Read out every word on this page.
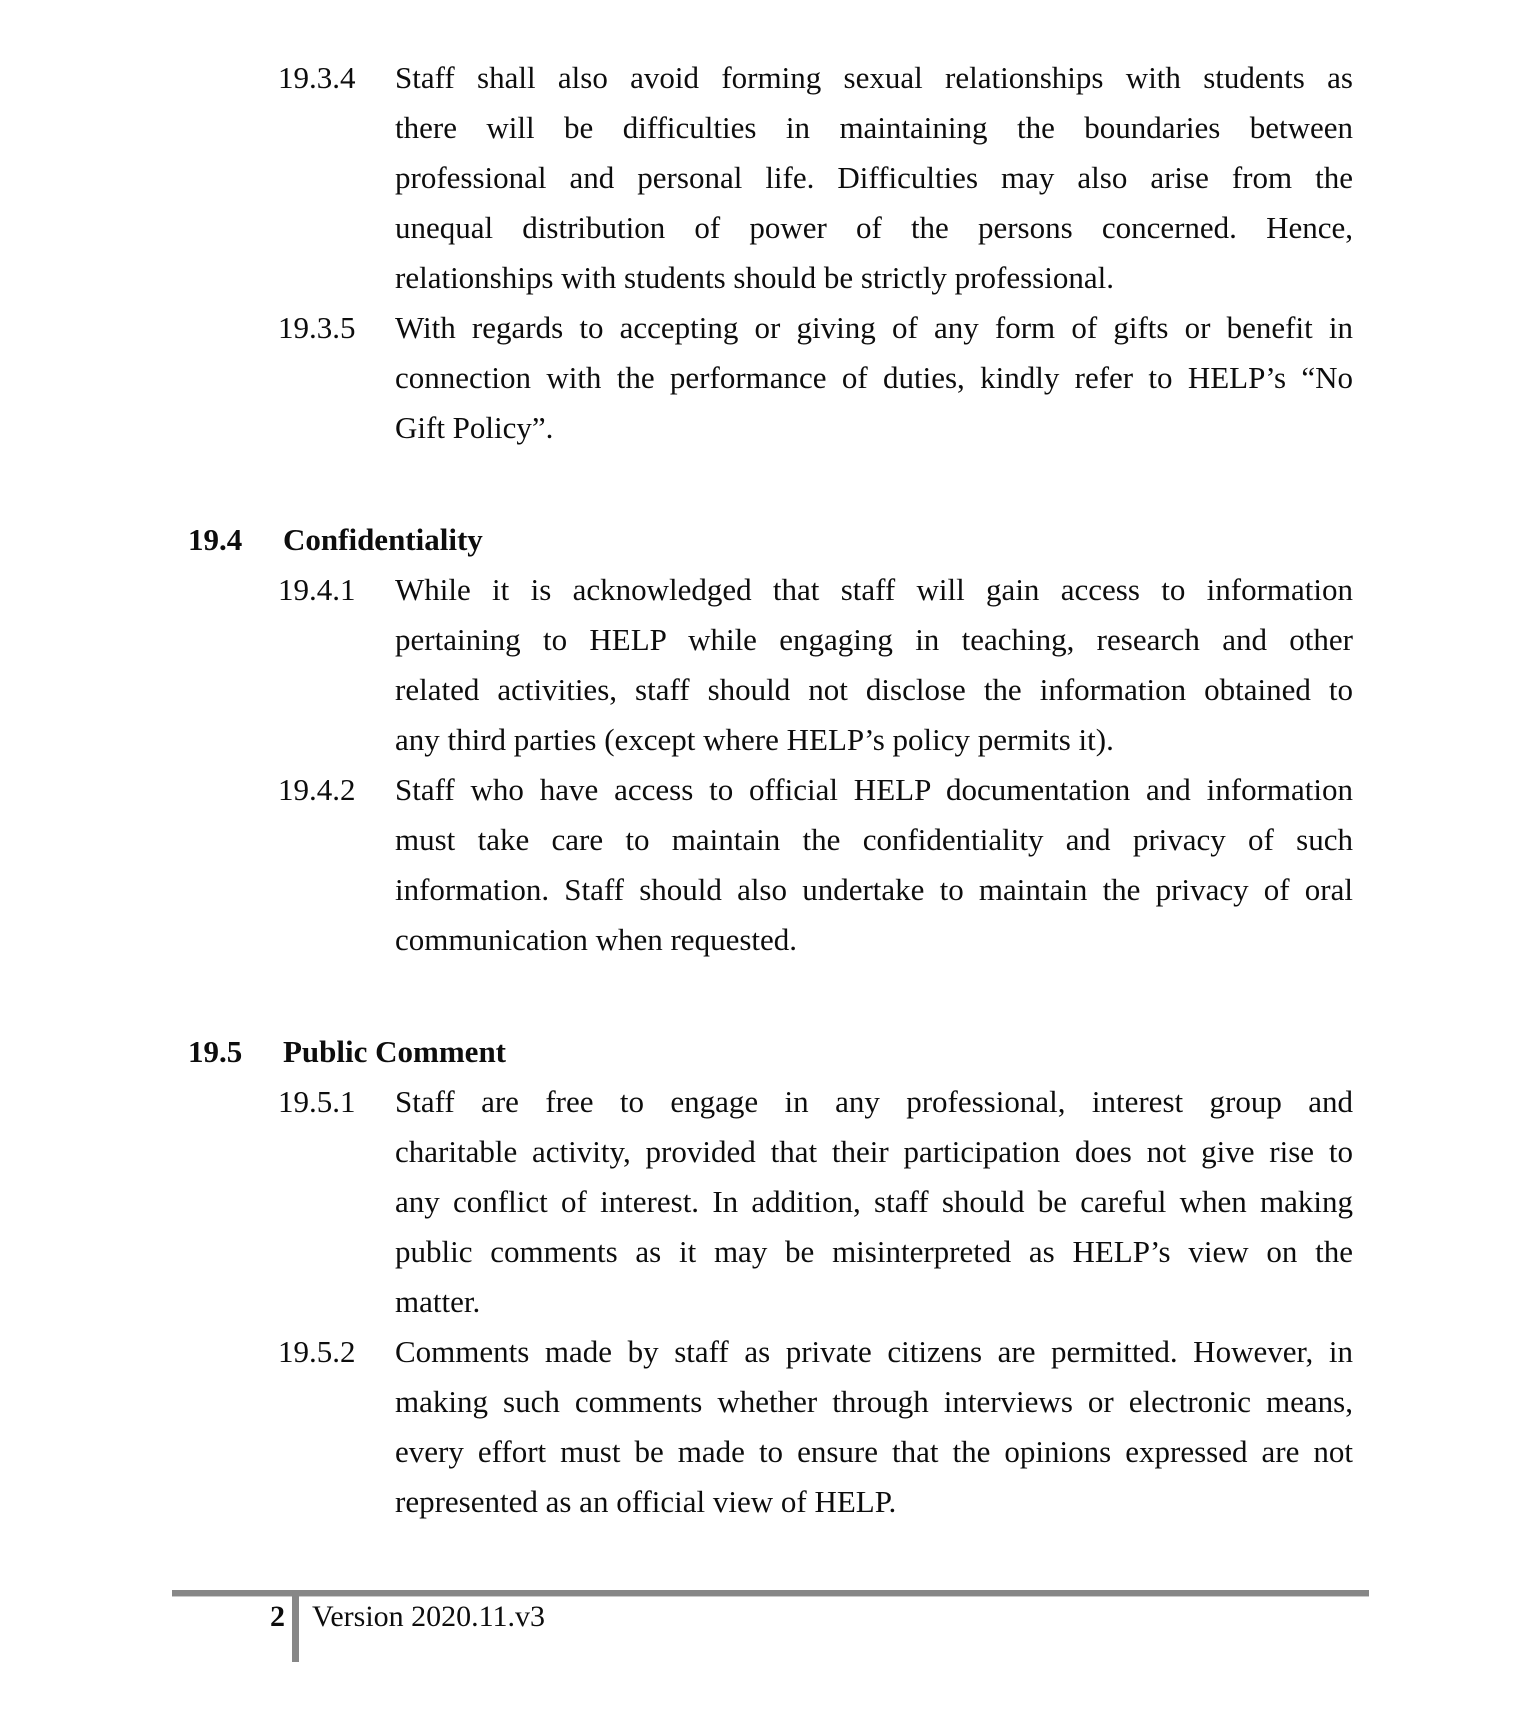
19.3.4	Staff shall also avoid forming sexual relationships with students as
there will be difficulties in maintaining the boundaries between
professional and personal life. Difficulties may also arise from the
unequal distribution of power of the persons concerned. Hence,
relationships with students should be strictly professional.
19.3.5	With regards to accepting or giving of any form of gifts or benefit in
connection with the performance of duties, kindly refer to HELP’s “No
Gift Policy”.
19.4	Confidentiality
19.4.1	While it is acknowledged that staff will gain access to information
pertaining to HELP while engaging in teaching, research and other
related activities, staff should not disclose the information obtained to
any third parties (except where HELP’s policy permits it).
19.4.2	Staff who have access to official HELP documentation and information
must take care to maintain the confidentiality and privacy of such
information. Staff should also undertake to maintain the privacy of oral
communication when requested.
19.5	Public Comment
19.5.1	Staff are free to engage in any professional, interest group and
charitable activity, provided that their participation does not give rise to
any conflict of interest. In addition, staff should be careful when making
public comments as it may be misinterpreted as HELP’s view on the
matter.
19.5.2	Comments made by staff as private citizens are permitted. However, in
making such comments whether through interviews or electronic means,
every effort must be made to ensure that the opinions expressed are not
represented as an official view of HELP.
2 Version 2020.11.v3
